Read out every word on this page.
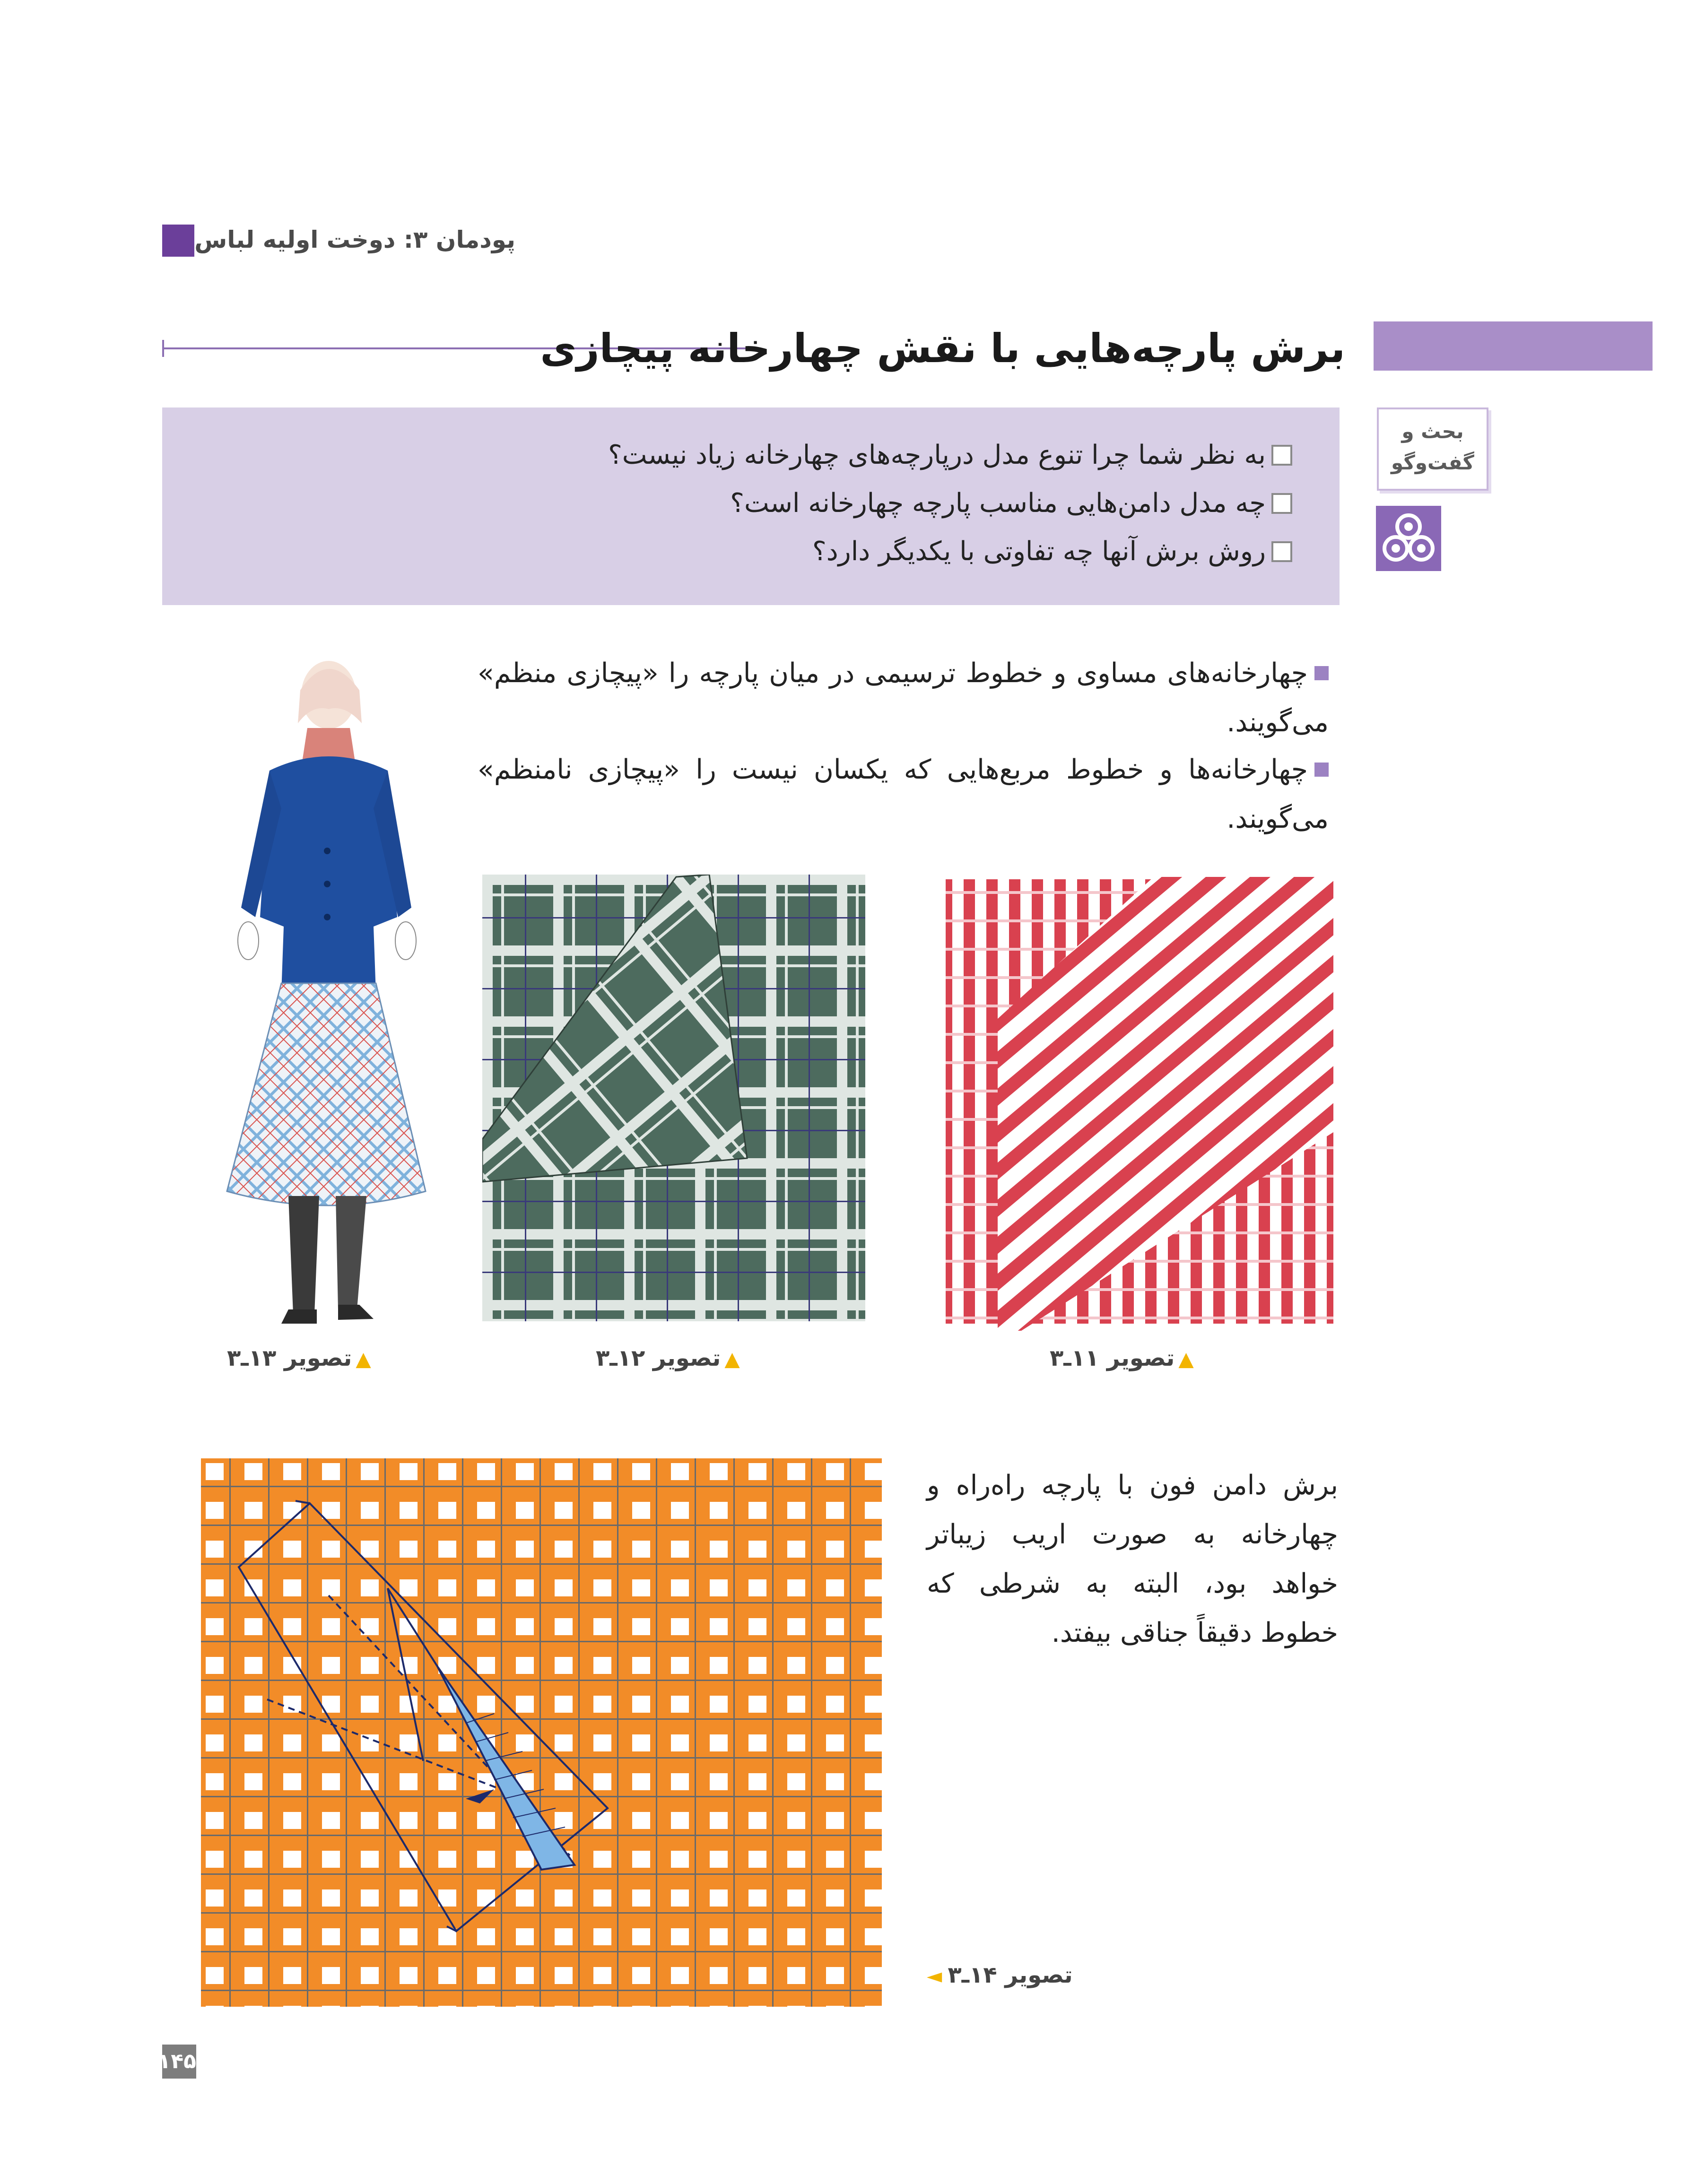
پودمان ۳: دوخت اولیه لباس
برش پارچه‌هایی با نقش چهارخانه پیچازی
بحث و
گفت‌وگو
به نظر شما چرا تنوع مدل درپارچه‌های چهارخانه زیاد نیست؟
چه مدل دامن‌هایی مناسب پارچه چهارخانه است؟
روش برش آنها چه تفاوتی با یکدیگر دارد؟
چهارخانه‌های مساوی و خطوط ترسیمی در میان پارچه را «پیچازی منظم» می‌گویند.
چهارخانه‌ها و خطوط مربع‌هایی که یکسان نیست را «پیچازی نامنظم» می‌گویند.
▲تصویر ۱۱ـ۳
▲تصویر ۱۲ـ۳
▲تصویر ۱۳ـ۳
برش دامن فون با پارچه راه‌راه و چهارخانه به صورت اریب زیباتر خواهد بود، البته به شرطی که خطوط دقیقاً جناقی بیفتد.
تصویر ۱۴ـ۳◄
۱۴۵
